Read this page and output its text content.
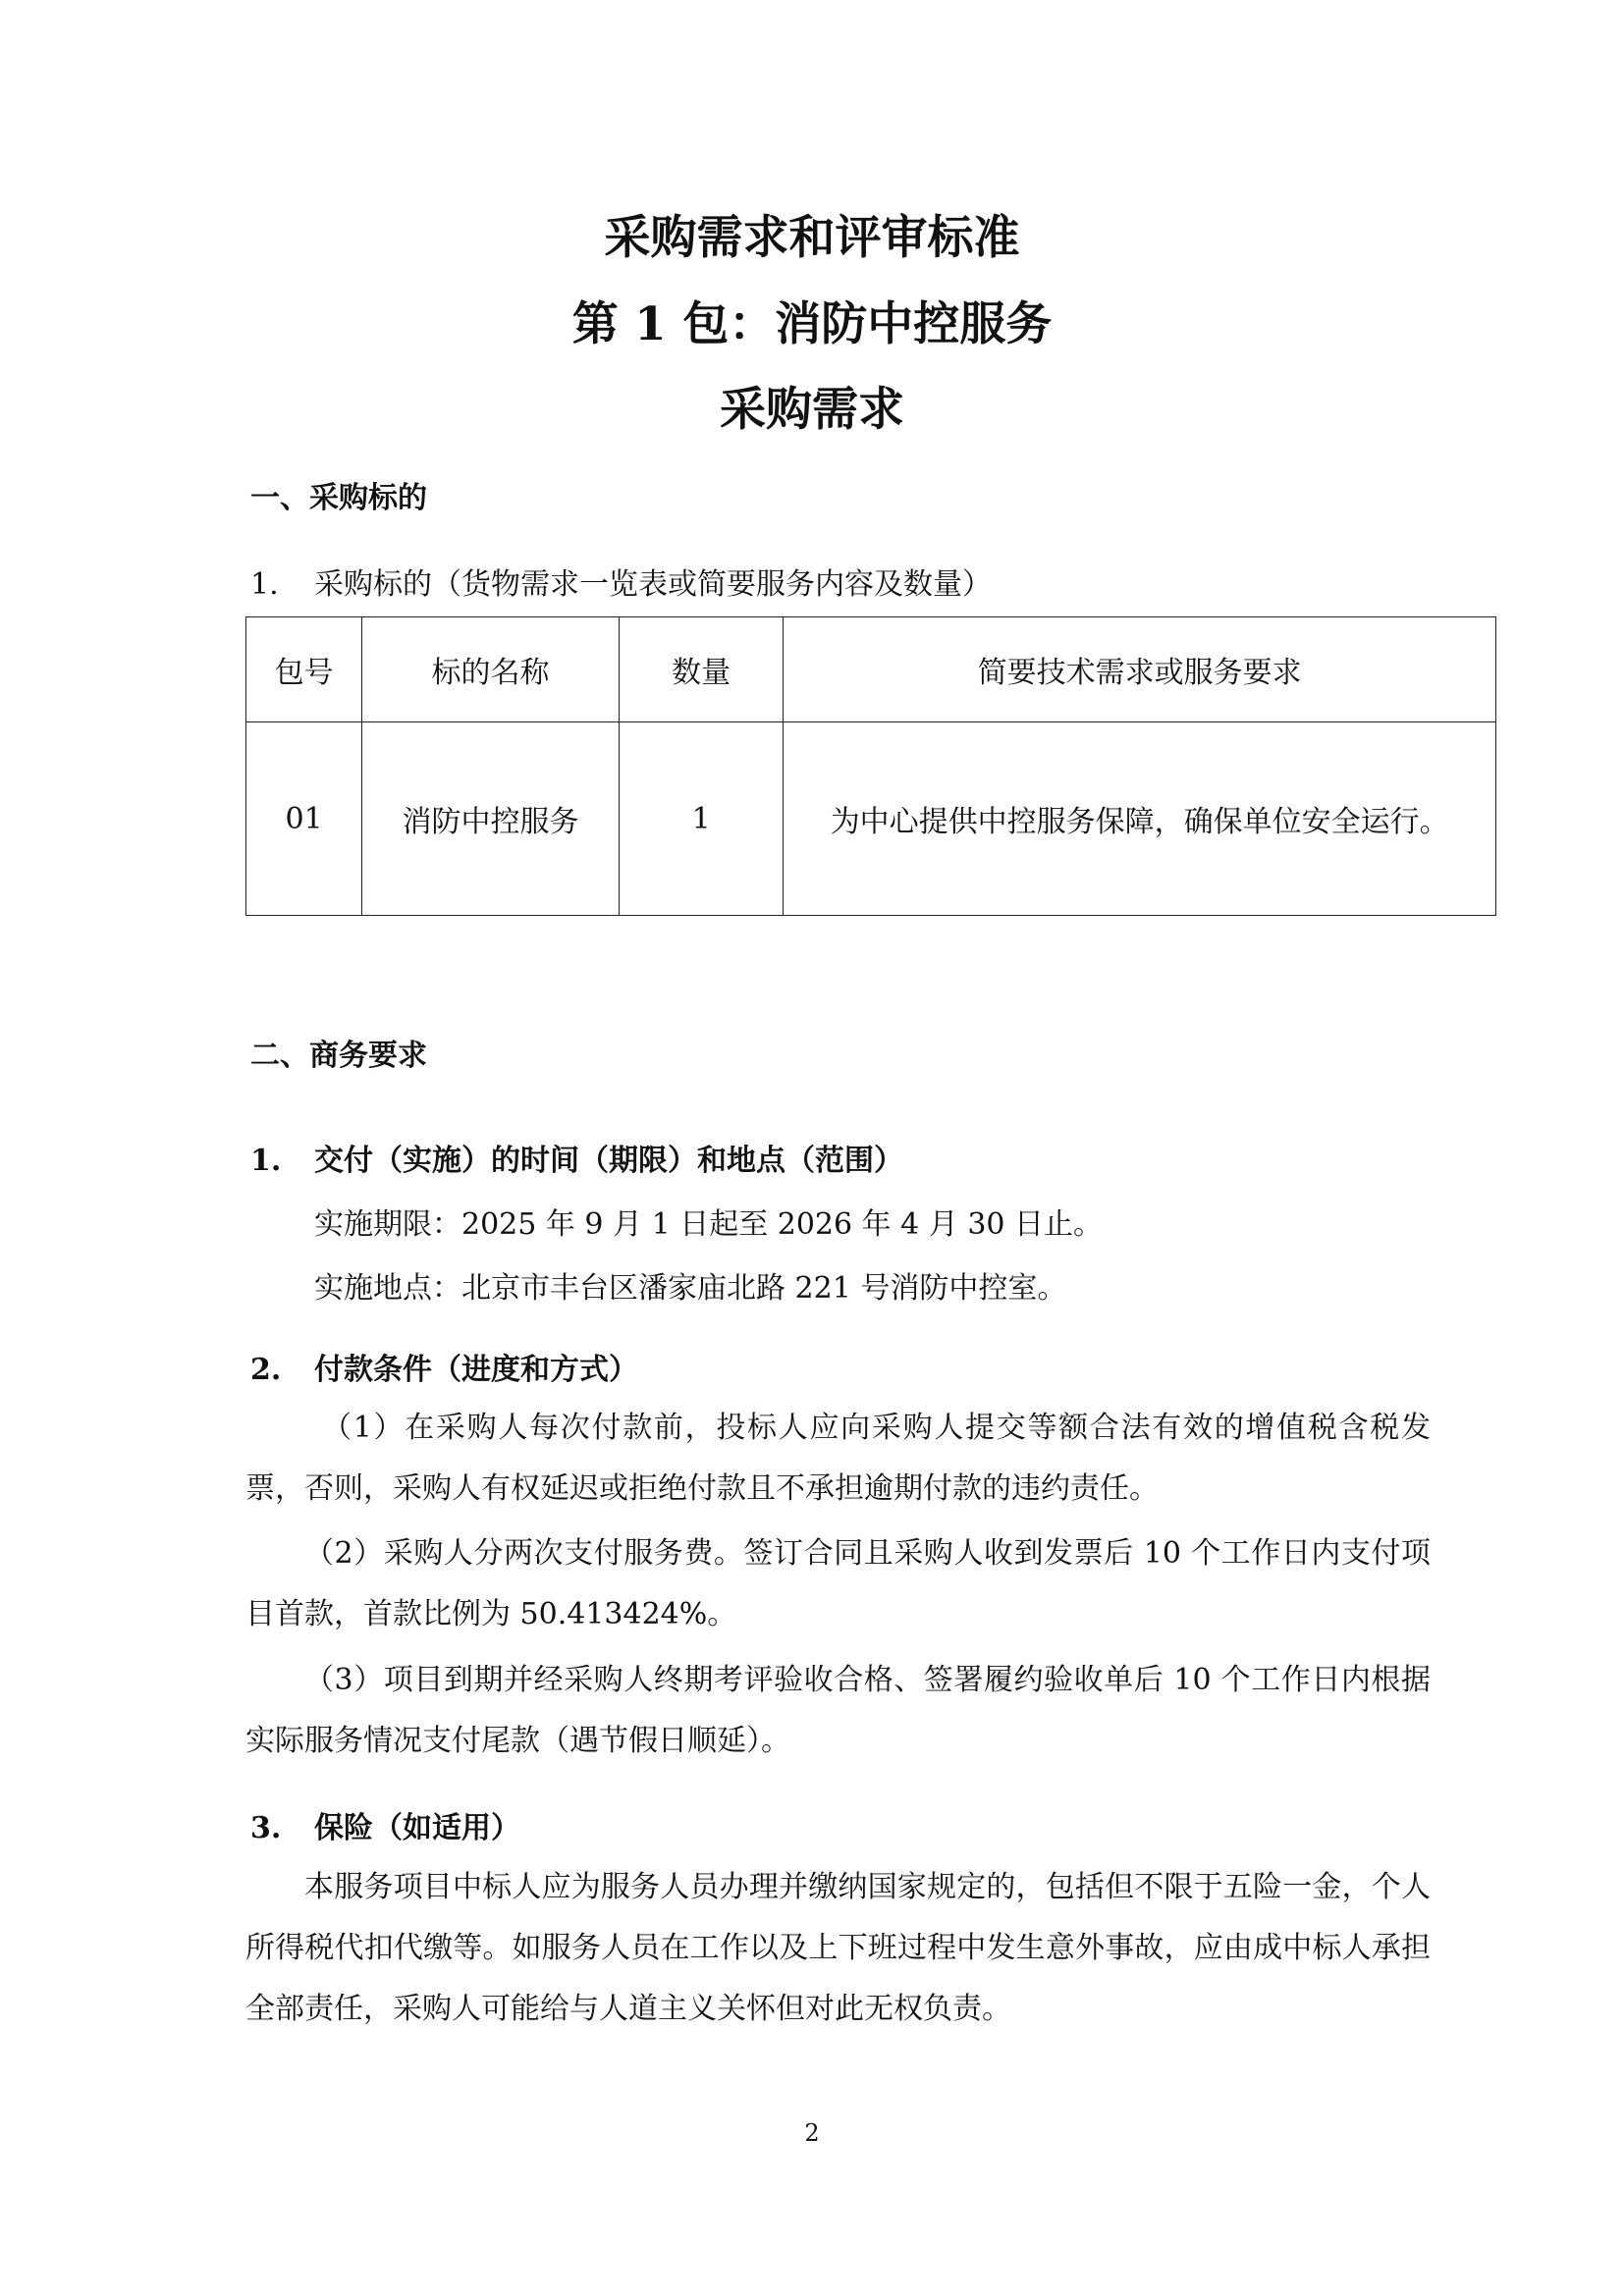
采购需求和评审标准
第 1 包：消防中控服务
采购需求
一、采购标的
1. 采购标的（货物需求一览表或简要服务内容及数量）
包号	标的名称	数量	简要技术需求或服务要求
01	消防中控服务	1	为中心提供中控服务保障，确保单位安全运行。
二、商务要求
1. 交付（实施）的时间（期限）和地点（范围）
实施期限：2025 年 9 月 1 日起至 2026 年 4 月 30 日止。
实施地点：北京市丰台区潘家庙北路 221 号消防中控室。
2. 付款条件（进度和方式）
（1）在采购人每次付款前，投标人应向采购人提交等额合法有效的增值税含税发票，否则，采购人有权延迟或拒绝付款且不承担逾期付款的违约责任。
（2）采购人分两次支付服务费。签订合同且采购人收到发票后 10 个工作日内支付项目首款，首款比例为 50.413424%。
（3）项目到期并经采购人终期考评验收合格、签署履约验收单后 10 个工作日内根据实际服务情况支付尾款（遇节假日顺延）。
3. 保险（如适用）
本服务项目中标人应为服务人员办理并缴纳国家规定的，包括但不限于五险一金，个人所得税代扣代缴等。如服务人员在工作以及上下班过程中发生意外事故，应由成中标人承担全部责任，采购人可能给与人道主义关怀但对此无权负责。
2
